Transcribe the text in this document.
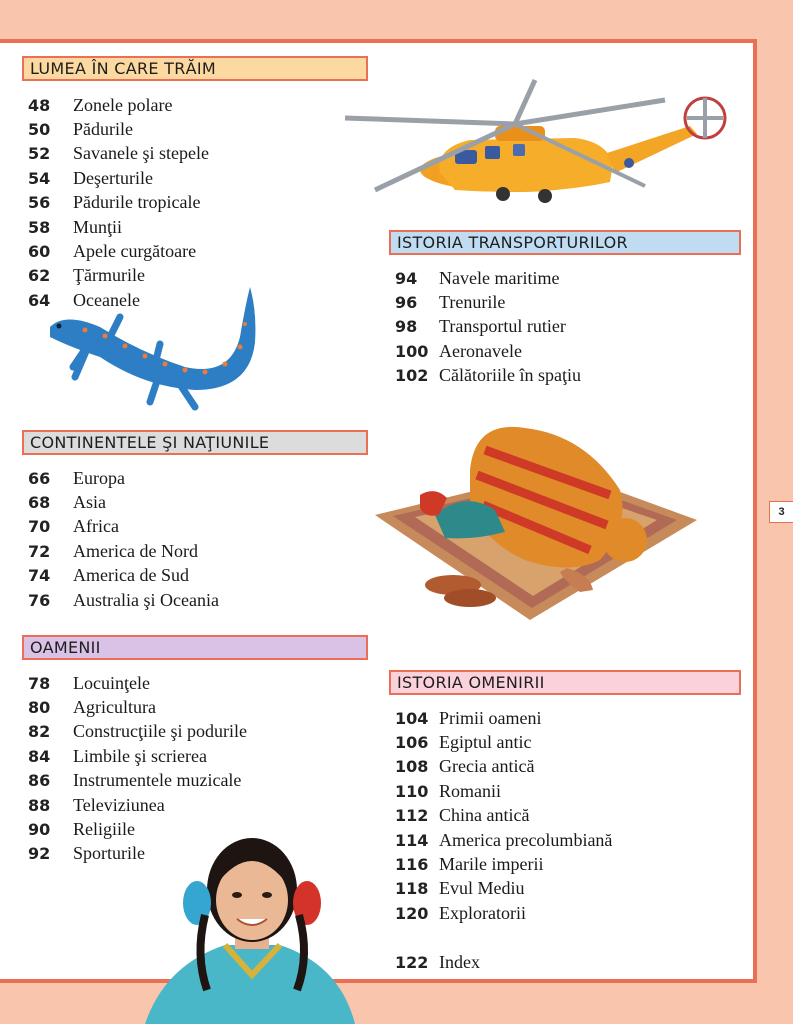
3
LUMEA ÎN CARE TRĂIM
48	Zonele polare
50	Pădurile
52	Savanele şi stepele
54	Deşerturile
56	Pădurile tropicale
58	Munţii
60	Apele curgătoare
62	Ţărmurile
64	Oceanele
CONTINENTELE ŞI NAŢIUNILE
66	Europa
68	Asia
70	Africa
72	America de Nord
74	America de Sud
76	Australia şi Oceania
OAMENII
78	Locuinţele
80	Agricultura
82	Construcţiile şi podurile
84	Limbile şi scrierea
86	Instrumentele muzicale
88	Televiziunea
90	Religiile
92	Sporturile
ISTORIA TRANSPORTURILOR
94	Navele maritime
96	Trenurile
98	Transportul rutier
100 Aeronavele
102 Călătoriile în spaţiu
ISTORIA OMENIRII
104 Primii oameni
106 Egiptul antic
108 Grecia antică
110 Romanii
112 China antică
114 America precolumbiană
116 Marile imperii
118 Evul Mediu
120 Exploratorii
122 Index
